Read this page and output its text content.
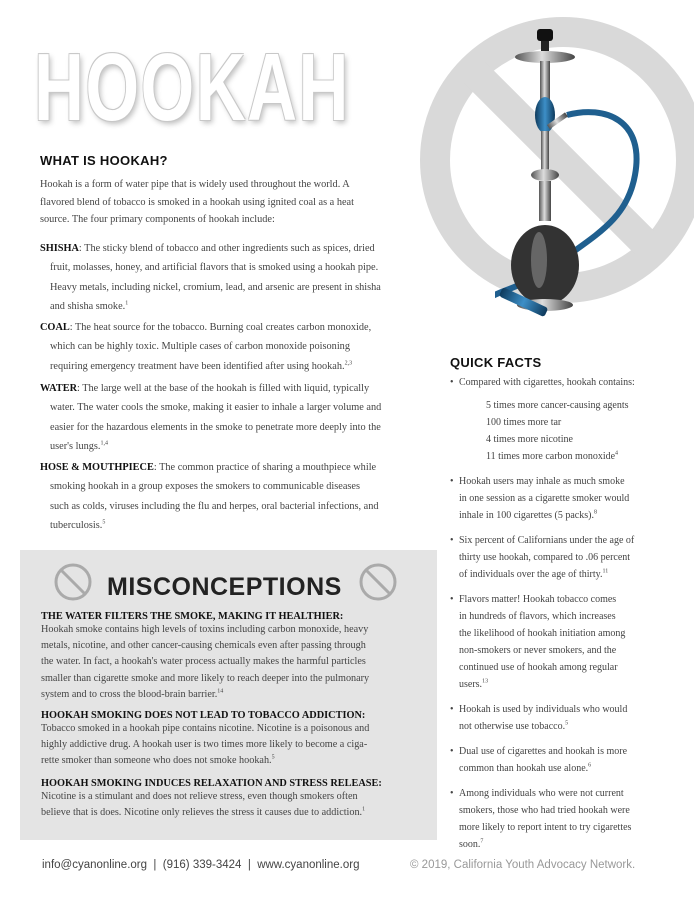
HOOKAH
WHAT IS HOOKAH?

Hookah is a form of water pipe that is widely used throughout the world. A

flavored blend of tobacco is smoked in a hookah using ignited coal as a heat

source. The four primary components of hookah include:

SHISHA: The sticky blend of tobacco and other ingredients such as spices, dried
fruit, molasses, honey, and artificial flavors that is smoked using a hookah pipe.
Heavy metals, including nickel, cromium, lead, and arsenic are present in shisha
and shisha smoke.$^1$
COAL: The heat source for the tobacco. Burning coal creates carbon monoxide,
which can be highly toxic. Multiple cases of carbon monoxide poisoning
requiring emergency treatment have been identified after using hookah.$^{2,3}$
WATER: The large well at the base of the hookah is filled with liquid, typically
water. The water cools the smoke, making it easier to inhale a larger volume and
easier for the hazardous elements in the smoke to penetrate more deeply into the
user's lungs.$^{1,4}$
HOSE & MOUTHPIECE: The common practice of sharing a mouthpiece while
smoking hookah in a group exposes the smokers to communicable diseases
such as colds, viruses including the flu and herpes, oral bacterial infections, and
tuberculosis.$^5$
QUICK FACTS
• Compared with cigarettes, hookah contains:
5 times more cancer-causing agents
100 times more tar
4 times more nicotine
11 times more carbon monoxide$^4$
• Hookah users may inhale as much smoke
in one session as a cigarette smoker would
inhale in 100 cigarettes (5 packs).$^8$
• Six percent of Californians under the age of
thirty use hookah, compared to .06 percent
of individuals over the age of thirty.$^{11}$
• Flavors matter! Hookah tobacco comes
in hundreds of flavors, which increases
the likelihood of hookah initiation among
non-smokers or never smokers, and the
continued use of hookah among regular
users.$^{13}$
• Hookah is used by individuals who would
not otherwise use tobacco.$^5$
• Dual use of cigarettes and hookah is more
common than hookah use alone.$^6$
• Among individuals who were not current
smokers, those who had tried hookah were
more likely to report intent to try cigarettes
soon.$^7$
MISCONCEPTIONS
THE WATER FILTERS THE SMOKE, MAKING IT HEALTHIER:

Hookah smoke contains high levels of toxins including carbon monoxide, heavy

metals, nicotine, and other cancer-causing chemicals even after passing through

the water. In fact, a hookah's water process actually makes the harmful particles

smaller than cigarette smoke and more likely to reach deeper into the pulmonary

system and to cross the blood-brain barrier.$^{14}$

HOOKAH SMOKING DOES NOT LEAD TO TOBACCO ADDICTION:

Tobacco smoked in a hookah pipe contains nicotine. Nicotine is a poisonous and

highly addictive drug. A hookah user is two times more likely to become a ciga-

rette smoker than someone who does not smoke hookah.$^5$

HOOKAH SMOKING INDUCES RELAXATION AND STRESS RELEASE:

Nicotine is a stimulant and does not relieve stress, even though smokers often

believe that is does. Nicotine only relieves the stress it causes due to addiction.$^1$

info@cyanonline.org  |  (916) 339-3424  |  www.cyanonline.org	© 2019, California Youth Advocacy Network.
